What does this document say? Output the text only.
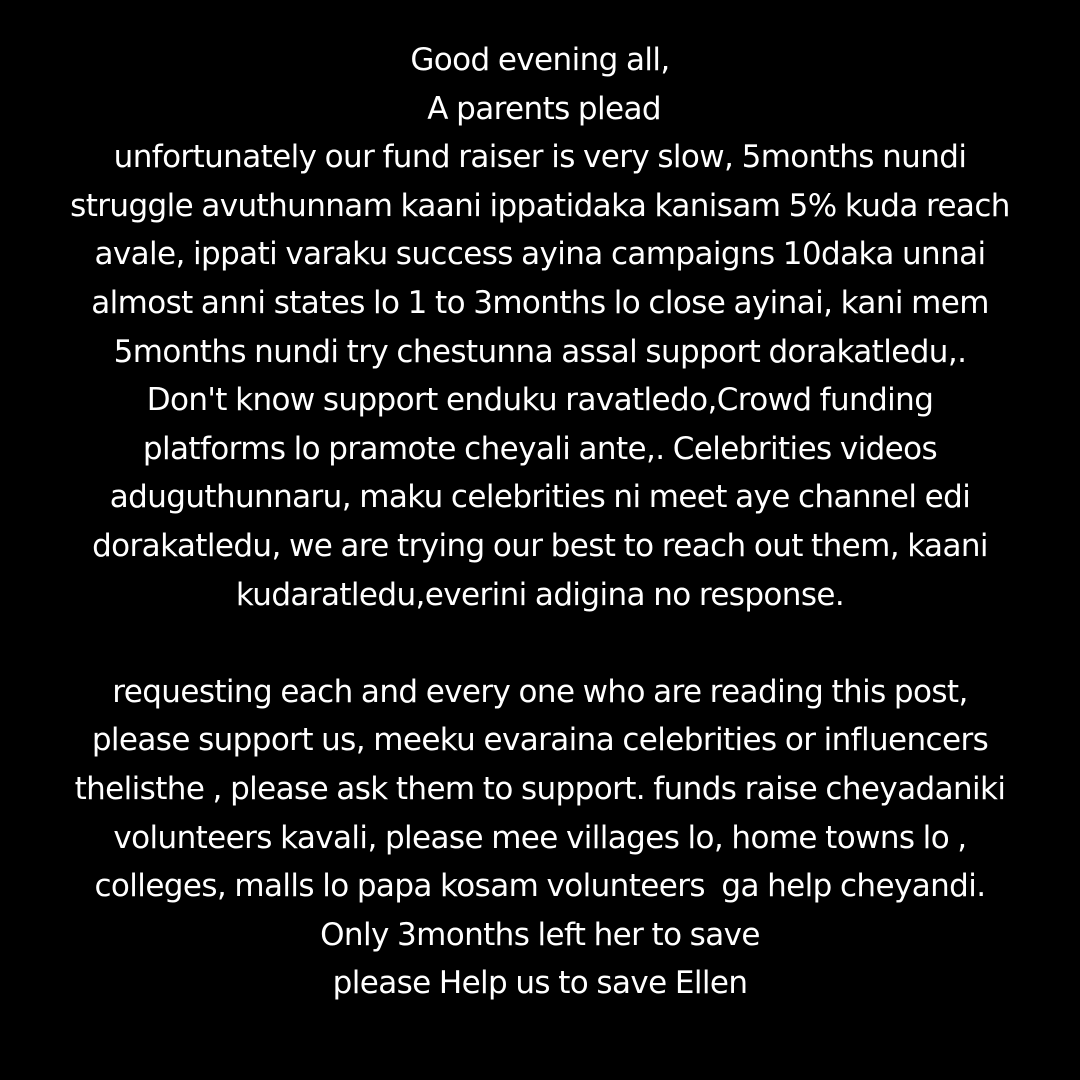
Good evening all,
A parents plead
unfortunately our fund raiser is very slow, 5months nundi
struggle avuthunnam kaani ippatidaka kanisam 5% kuda reach
avale, ippati varaku success ayina campaigns 10daka unnai
almost anni states lo 1 to 3months lo close ayinai, kani mem
5months nundi try chestunna assal support dorakatledu,.
Don't know support enduku ravatledo,Crowd funding
platforms lo pramote cheyali ante,. Celebrities videos
aduguthunnaru, maku celebrities ni meet aye channel edi
dorakatledu, we are trying our best to reach out them, kaani
kudaratledu,everini adigina no response.
requesting each and every one who are reading this post,
please support us, meeku evaraina celebrities or influencers
thelisthe , please ask them to support. funds raise cheyadaniki
volunteers kavali, please mee villages lo, home towns lo ,
colleges, malls lo papa kosam volunteers  ga help cheyandi.
Only 3months left her to save
please Help us to save Ellen
